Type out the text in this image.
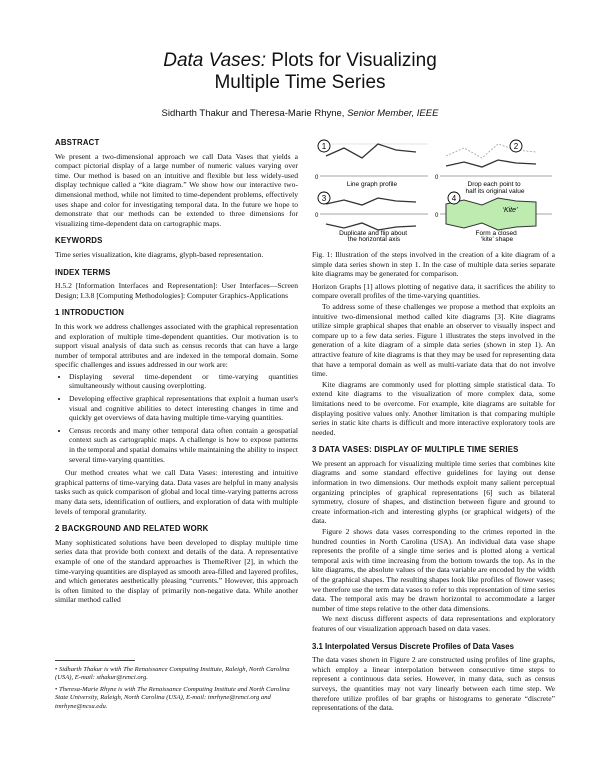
Data Vases: Plots for Visualizing
Multiple Time Series
Sidharth Thakur and Theresa-Marie Rhyne, Senior Member, IEEE
ABSTRACT

We present a two-dimensional approach we call Data Vases that yields a compact pictorial display of a large number of numeric values varying over time. Our method is based on an intuitive and flexible but less widely-used display technique called a “kite diagram.” We show how our interactive two-dimensional method, while not limited to time-dependent problems, effectively uses shape and color for investigating temporal data. In the future we hope to demonstrate that our methods can be extended to three dimensions for visualizing time-dependent data on cartographic maps.

KEYWORDS

Time series visualization, kite diagrams, glyph-based representation.

INDEX TERMS

H.5.2 [Information Interfaces and Representation]: User Interfaces—Screen Design; I.3.8 [Computing Methodologies]: Computer Graphics-Applications

1 INTRODUCTION

In this work we address challenges associated with the graphical representation and exploration of multiple time-dependent quantities. Our motivation is to support visual analysis of data such as census records that can have a large number of temporal attributes and are indexed in the temporal domain. Some specific challenges and issues addressed in our work are:

• Displaying several time-dependent or time-varying quantities simultaneously without causing overplotting.
• Developing effective graphical representations that exploit a human user's visual and cognitive abilities to detect interesting changes in time and quickly get overviews of data having multiple time-varying quantities.
• Census records and many other temporal data often contain a geospatial context such as cartographic maps. A challenge is how to expose patterns in the temporal and spatial domains while maintaining the ability to inspect several time-varying quantities.

Our method creates what we call Data Vases: interesting and intuitive graphical patterns of time-varying data. Data vases are helpful in many analysis tasks such as quick comparison of global and local time-varying patterns across many data sets, identification of outliers, and exploration of data with multiple levels of temporal granularity.

2 BACKGROUND AND RELATED WORK

Many sophisticated solutions have been developed to display multiple time series data that provide both context and details of the data. A representative example of one of the standard approaches is ThemeRiver [2], in which the time-varying quantities are displayed as smooth area-filled and layered profiles, and which generates aesthetically pleasing “currents.” However, this approach is often limited to the display of primarily non-negative data. While another similar method called

• Sidharth Thakur is with The Renaissance Computing Institute, Raleigh, North Carolina (USA), E-mail: sthakur@renci.org.
• Theresa-Marie Rhyne is with The Renaissance Computing Institute and North Carolina State University, Raleigh, North Carolina (USA), E-mail: tmrhyne@renci.org and tmrhyne@ncsu.edu.
1
0
Line graph profile
2
0
Drop each point to half its original value
3
0
Duplicate and flip about the horizontal axis
4
0
‘Kite’
Form a closed ‘kite’ shape

Fig. 1: Illustration of the steps involved in the creation of a kite diagram of a simple data series shown in step 1. In the case of multiple data series separate kite diagrams may be generated for comparison.

Horizon Graphs [1] allows plotting of negative data, it sacrifices the ability to compare overall profiles of the time-varying quantities.

To address some of these challenges we propose a method that exploits an intuitive two-dimensional method called kite diagrams [3]. Kite diagrams utilize simple graphical shapes that enable an observer to visually inspect and compare up to a few data series. Figure 1 illustrates the steps involved in the generation of a kite diagram of a simple data series (shown in step 1). An attractive feature of kite diagrams is that they may be used for representing data that have a temporal domain as well as multi-variate data that do not involve time.

Kite diagrams are commonly used for plotting simple statistical data. To extend kite diagrams to the visualization of more complex data, some limitations need to be overcome. For example, kite diagrams are suitable for displaying positive values only. Another limitation is that comparing multiple series in static kite charts is difficult and more interactive exploratory tools are needed.

3 DATA VASES: DISPLAY OF MULTIPLE TIME SERIES

We present an approach for visualizing multiple time series that combines kite diagrams and some standard effective guidelines for laying out dense information in two dimensions. Our methods exploit many salient perceptual organizing principles of graphical representations [6] such as bilateral symmetry, closure of shapes, and distinction between figure and ground to create information-rich and interesting glyphs (or graphical widgets) of the data.

Figure 2 shows data vases corresponding to the crimes reported in the hundred counties in North Carolina (USA). An individual data vase shape represents the profile of a single time series and is plotted along a vertical temporal axis with time increasing from the bottom towards the top. As in the kite diagrams, the absolute values of the data variable are encoded by the width of the graphical shapes. The resulting shapes look like profiles of flower vases; we therefore use the term data vases to refer to this representation of time series data. The temporal axis may be drawn horizontal to accommodate a larger number of time steps relative to the other data dimensions.

We next discuss different aspects of data representations and exploratory features of our visualization approach based on data vases.

3.1 Interpolated Versus Discrete Profiles of Data Vases

The data vases shown in Figure 2 are constructed using profiles of line graphs, which employ a linear interpolation between consecutive time steps to represent a continuous data series. However, in many data, such as census surveys, the quantities may not vary linearly between each time step. We therefore utilize profiles of bar graphs or histograms to generate “discrete” representations of the data.
